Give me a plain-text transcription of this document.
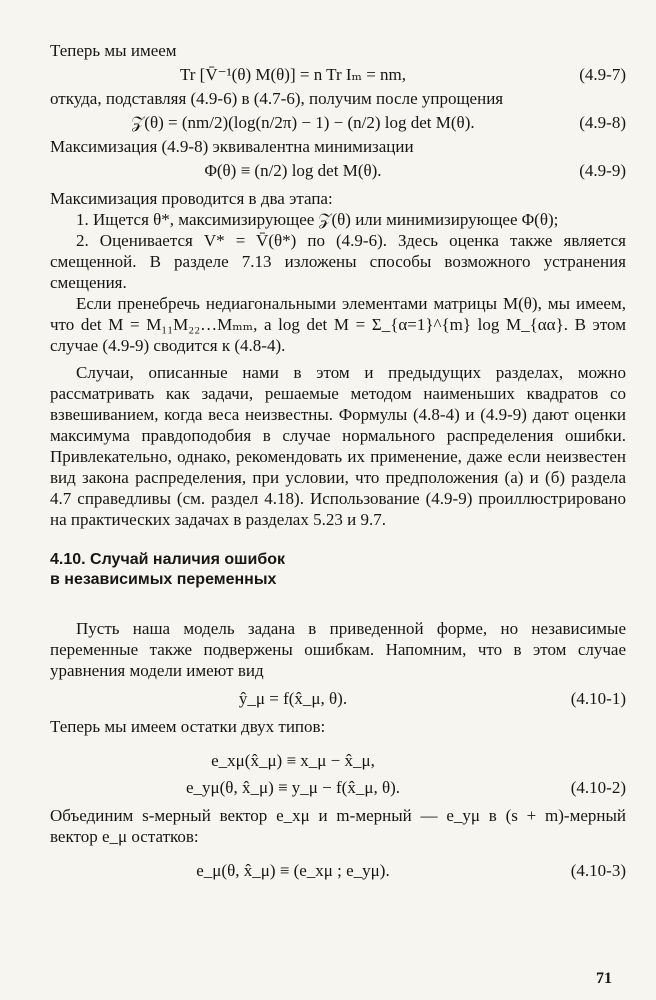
Теперь мы имеем

Tr [V̄⁻¹(θ) M(θ)] = n Tr Iₘ = nm,	(4.9-7)

откуда, подставляя (4.9-6) в (4.7-6), получим после упрощения

𝒵(θ) = (nm/2)(log(n/2π) − 1) − (n/2) log det M(θ).	(4.9-8)

Максимизация (4.9-8) эквивалентна минимизации

Φ(θ) ≡ (n/2) log det M(θ).	(4.9-9)

Максимизация проводится в два этапа:

1. Ищется θ*, максимизирующее 𝒵(θ) или минимизирующее Φ(θ);

2. Оценивается V* = V̄(θ*) по (4.9-6). Здесь оценка также является смещенной. В разделе 7.13 изложены способы возможного устранения смещения.

Если пренебречь недиагональными элементами матрицы M(θ), мы имеем, что det M = M₁₁M₂₂…Mₘₘ, а log det M = Σ_{α=1}^{m} log M_{αα}. В этом случае (4.9-9) сводится к (4.8-4).

Случаи, описанные нами в этом и предыдущих разделах, можно рассматривать как задачи, решаемые методом наименьших квадратов со взвешиванием, когда веса неизвестны. Формулы (4.8-4) и (4.9-9) дают оценки максимума правдоподобия в случае нормального распределения ошибки. Привлекательно, однако, рекомендовать их применение, даже если неизвестен вид закона распределения, при условии, что предположения (а) и (б) раздела 4.7 справедливы (см. раздел 4.18). Использование (4.9-9) проиллюстрировано на практических задачах в разделах 5.23 и 9.7.

4.10. Случай наличия ошибок
в независимых переменных

Пусть наша модель задана в приведенной форме, но независимые переменные также подвержены ошибкам. Напомним, что в этом случае уравнения модели имеют вид

ŷ_μ = f(x̂_μ, θ).	(4.10-1)

Теперь мы имеем остатки двух типов:

e_xμ(x̂_μ) ≡ x_μ − x̂_μ,
e_yμ(θ, x̂_μ) ≡ y_μ − f(x̂_μ, θ).	(4.10-2)

Объединим s-мерный вектор e_xμ и m-мерный — e_yμ в (s + m)-мерный вектор e_μ остатков:

e_μ(θ, x̂_μ) ≡ (e_xμ ; e_yμ).	(4.10-3)
71
